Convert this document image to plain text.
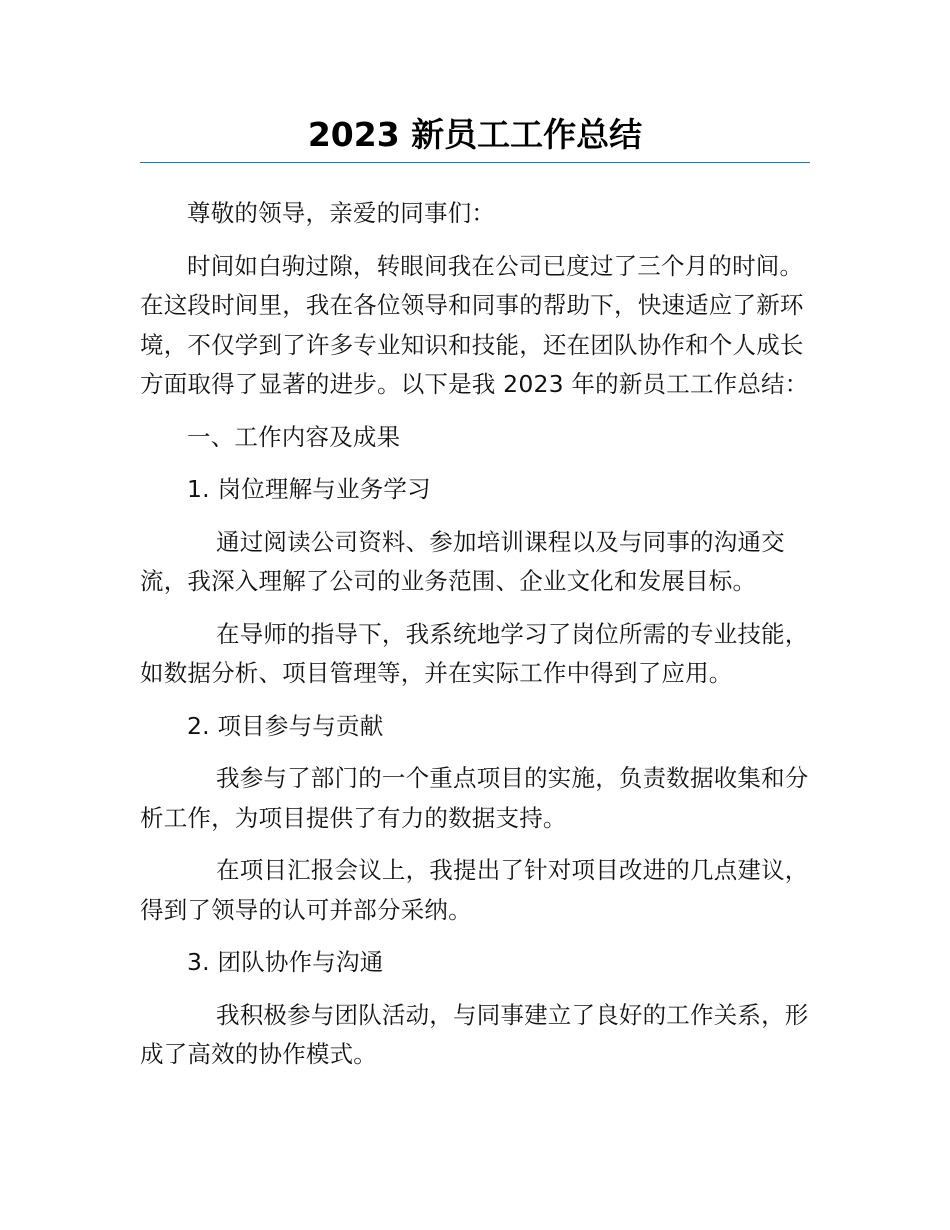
2023 新员工工作总结

尊敬的领导，亲爱的同事们：

时间如白驹过隙，转眼间我在公司已度过了三个月的时间。在这段时间里，我在各位领导和同事的帮助下，快速适应了新环境，不仅学到了许多专业知识和技能，还在团队协作和个人成长方面取得了显著的进步。以下是我 2023 年的新员工工作总结：

一、工作内容及成果

1. 岗位理解与业务学习

通过阅读公司资料、参加培训课程以及与同事的沟通交流，我深入理解了公司的业务范围、企业文化和发展目标。

在导师的指导下，我系统地学习了岗位所需的专业技能，如数据分析、项目管理等，并在实际工作中得到了应用。

2. 项目参与与贡献

我参与了部门的一个重点项目的实施，负责数据收集和分析工作，为项目提供了有力的数据支持。

在项目汇报会议上，我提出了针对项目改进的几点建议，得到了领导的认可并部分采纳。

3. 团队协作与沟通

我积极参与团队活动，与同事建立了良好的工作关系，形成了高效的协作模式。
